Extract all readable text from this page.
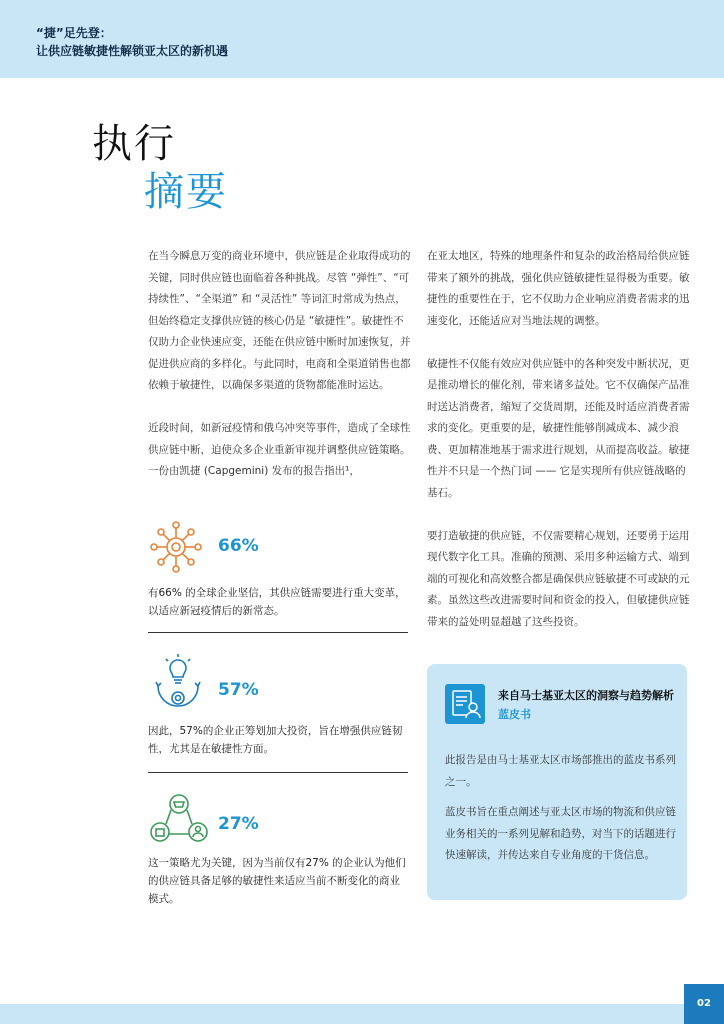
“捷”足先登：
让供应链敏捷性解锁亚太区的新机遇
执行
摘要

在当今瞬息万变的商业环境中，供应链是企业取得成功的关键，同时供应链也面临着各种挑战。尽管 “弹性”、“可持续性”、“全渠道” 和 “灵活性” 等词汇时常成为热点，但始终稳定支撑供应链的核心仍是 “敏捷性”。敏捷性不仅助力企业快速应变，还能在供应链中断时加速恢复，并促进供应商的多样化。与此同时，电商和全渠道销售也都依赖于敏捷性，以确保多渠道的货物都能准时运达。

近段时间，如新冠疫情和俄乌冲突等事件，造成了全球性供应链中断，迫使众多企业重新审视并调整供应链策略。一份由凯捷 (Capgemini) 发布的报告指出¹，

在亚太地区，特殊的地理条件和复杂的政治格局给供应链带来了额外的挑战，强化供应链敏捷性显得极为重要。敏捷性的重要性在于，它不仅助力企业响应消费者需求的迅速变化，还能适应对当地法规的调整。

敏捷性不仅能有效应对供应链中的各种突发中断状况，更是推动增长的催化剂，带来诸多益处。它不仅确保产品准时送达消费者，缩短了交货周期，还能及时适应消费者需求的变化。更重要的是，敏捷性能够削减成本、减少浪费、更加精准地基于需求进行规划，从而提高收益。敏捷性并不只是一个热门词 —— 它是实现所有供应链战略的基石。

要打造敏捷的供应链，不仅需要精心规划，还要勇于运用现代数字化工具。准确的预测、采用多种运输方式、端到端的可视化和高效整合都是确保供应链敏捷不可或缺的元素。虽然这些改进需要时间和资金的投入，但敏捷供应链带来的益处明显超越了这些投资。

66%
有66% 的全球企业坚信，其供应链需要进行重大变革，以适应新冠疫情后的新常态。
57%
因此，57%的企业正筹划加大投资，旨在增强供应链韧性，尤其是在敏捷性方面。
27%
这一策略尤为关键，因为当前仅有27% 的企业认为他们的供应链具备足够的敏捷性来适应当前不断变化的商业模式。
来自马士基亚太区的洞察与趋势解析蓝皮书
此报告是由马士基亚太区市场部推出的蓝皮书系列之一。
蓝皮书旨在重点阐述与亚太区市场的物流和供应链业务相关的一系列见解和趋势，对当下的话题进行快速解读，并传达来自专业角度的干货信息。
02
